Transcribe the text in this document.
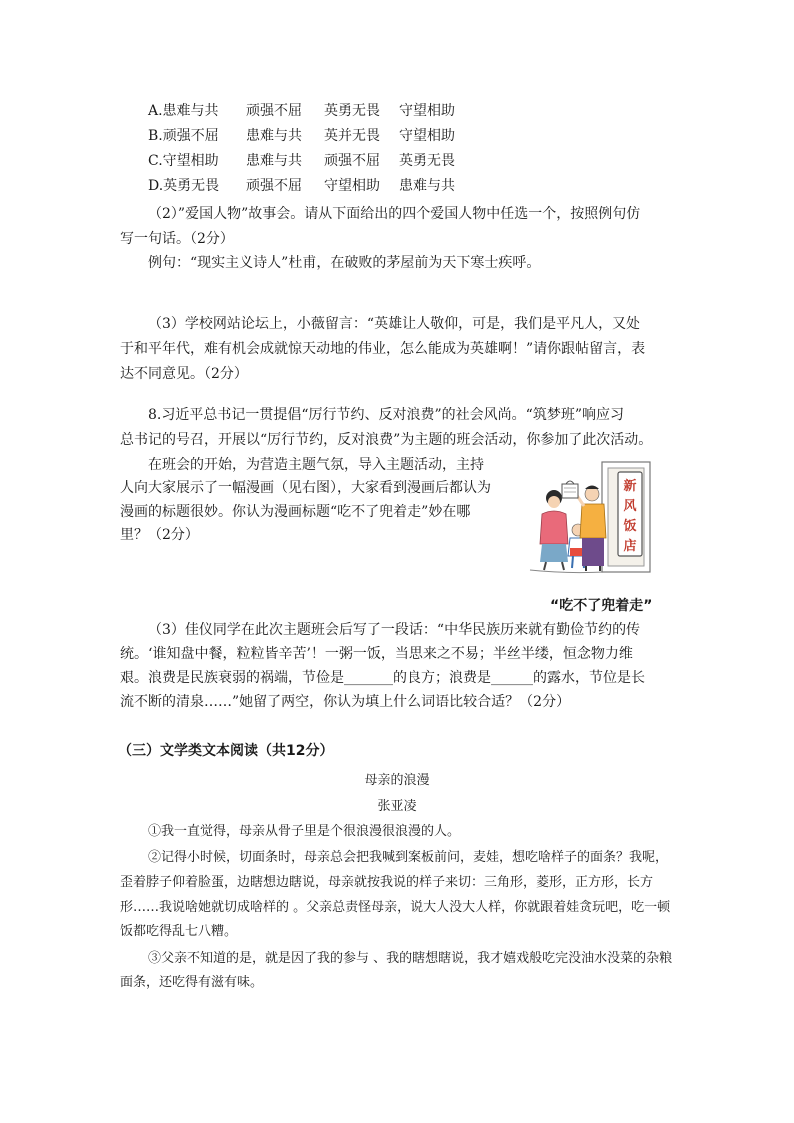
A.患难与共 顽强不屈 英勇无畏 守望相助
B.顽强不屈 患难与共 英并无畏 守望相助
C.守望相助 患难与共 顽强不屈 英勇无畏
D.英勇无畏 顽强不屈 守望相助 患难与共
（2）”爱国人物”故事会。请从下面给出的四个爱国人物中任选一个，按照例句仿
写一句话。（2分）
例句：“现实主义诗人”杜甫，在破败的茅屋前为天下寒士疾呼。
（3）学校网站论坛上，小薇留言：“英雄让人敬仰，可是，我们是平凡人，又处
于和平年代，难有机会成就惊天动地的伟业，怎么能成为英雄啊！”请你跟帖留言，表
达不同意见。（2分）
8.习近平总书记一贯提倡“厉行节约、反对浪费”的社会风尚。“筑梦班”响应习
总书记的号召，开展以“厉行节约，反对浪费”为主题的班会活动，你参加了此次活动。
在班会的开始，为营造主题气氛，导入主题活动，主持
人向大家展示了一幅漫画（见右图），大家看到漫画后都认为
漫画的标题很妙。你认为漫画标题“吃不了兜着走”妙在哪
里？（2分）
新
风
饭
店
“吃不了兜着走”
（3）佳仪同学在此次主题班会后写了一段话：“中华民族历来就有勤俭节约的传
统。‘谁知盘中餐，粒粒皆辛苦’！一粥一饭，当思来之不易；半丝半缕，恒念物力维
艰。浪费是民族衰弱的祸端，节俭是_______的良方；浪费是______的露水，节位是长
流不断的清泉……”她留了两空，你认为填上什么词语比较合适？（2分）
（三）文学类文本阅读（共12分）
母亲的浪漫
张亚凌
①我一直觉得，母亲从骨子里是个很浪漫很浪漫的人。
②记得小时候，切面条时，母亲总会把我喊到案板前问，麦娃，想吃啥样子的面条？我呢，
歪着脖子仰着脸蛋，边瞎想边瞎说，母亲就按我说的样子来切：三角形，菱形，正方形，长方
形……我说啥她就切成啥样的 。父亲总责怪母亲，说大人没大人样，你就跟着娃贪玩吧，吃一顿
饭都吃得乱七八糟。
③父亲不知道的是，就是因了我的参与 、我的瞎想瞎说，我才嬉戏般吃完没油水没菜的杂粮
面条，还吃得有滋有味。
